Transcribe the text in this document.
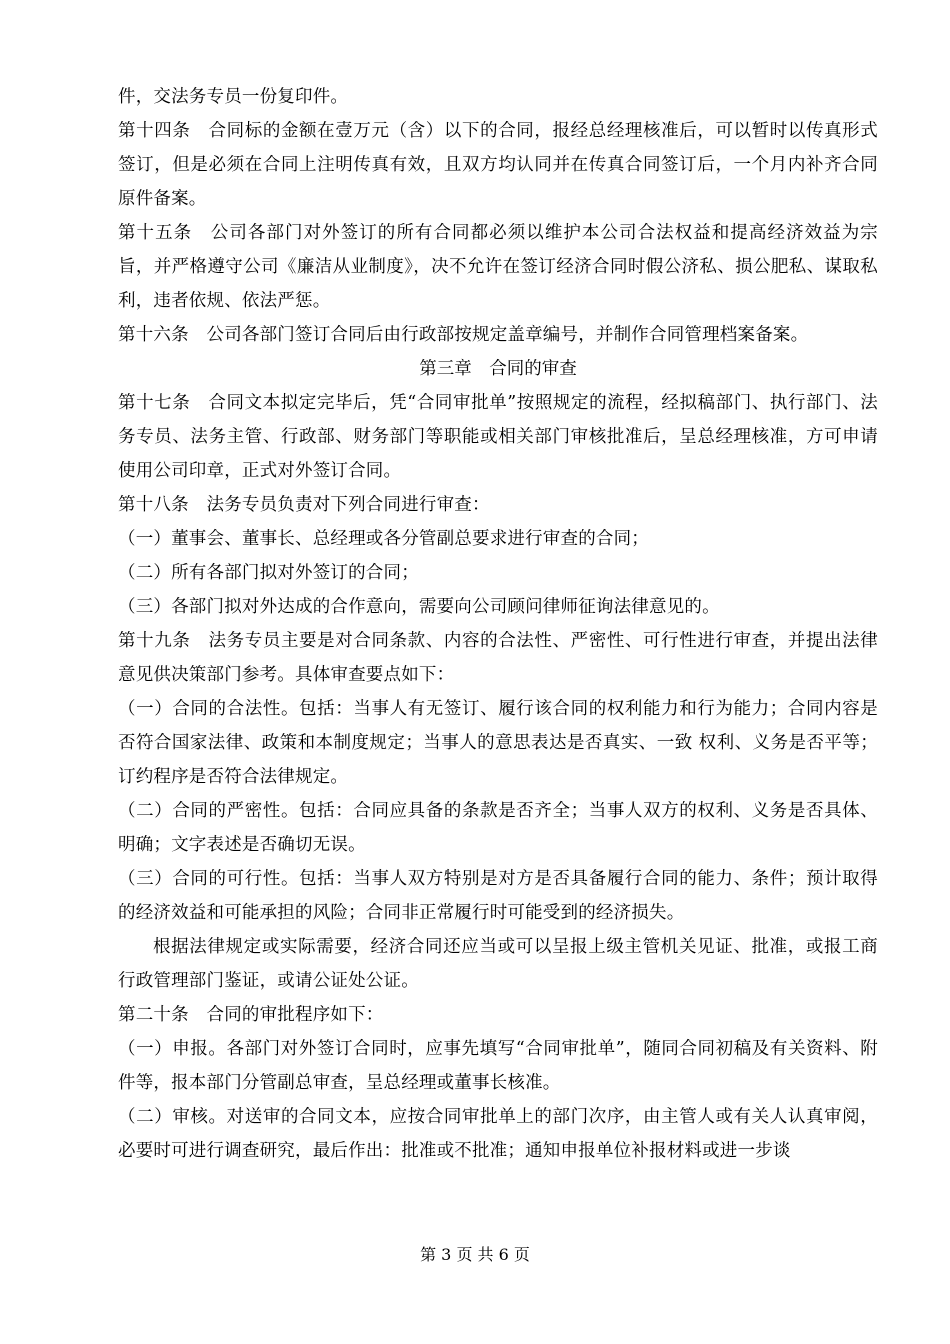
件，交法务专员一份复印件。

第十四条　合同标的金额在壹万元（含）以下的合同，报经总经理核准后，可以暂时以传真形式签订，但是必须在合同上注明传真有效，且双方均认同并在传真合同签订后，一个月内补齐合同原件备案。

第十五条　公司各部门对外签订的所有合同都必须以维护本公司合法权益和提高经济效益为宗旨，并严格遵守公司《廉洁从业制度》，决不允许在签订经济合同时假公济私、损公肥私、谋取私利，违者依规、依法严惩。

第十六条　公司各部门签订合同后由行政部按规定盖章编号，并制作合同管理档案备案。

第三章　合同的审查

第十七条　合同文本拟定完毕后，凭“合同审批单”按照规定的流程，经拟稿部门、执行部门、法务专员、法务主管、行政部、财务部门等职能或相关部门审核批准后，呈总经理核准，方可申请使用公司印章，正式对外签订合同。

第十八条　法务专员负责对下列合同进行审查：

（一）董事会、董事长、总经理或各分管副总要求进行审查的合同；

（二）所有各部门拟对外签订的合同；

（三）各部门拟对外达成的合作意向，需要向公司顾问律师征询法律意见的。

第十九条　法务专员主要是对合同条款、内容的合法性、严密性、可行性进行审查，并提出法律意见供决策部门参考。具体审查要点如下：

（一）合同的合法性。包括：当事人有无签订、履行该合同的权利能力和行为能力；合同内容是否符合国家法律、政策和本制度规定；当事人的意思表达是否真实、一致 权利、义务是否平等；订约程序是否符合法律规定。

（二）合同的严密性。包括：合同应具备的条款是否齐全；当事人双方的权利、义务是否具体、明确；文字表述是否确切无误。

（三）合同的可行性。包括：当事人双方特别是对方是否具备履行合同的能力、条件；预计取得的经济效益和可能承担的风险；合同非正常履行时可能受到的经济损失。

根据法律规定或实际需要，经济合同还应当或可以呈报上级主管机关见证、批准，或报工商行政管理部门鉴证，或请公证处公证。

第二十条　合同的审批程序如下：

（一）申报。各部门对外签订合同时，应事先填写“合同审批单”，随同合同初稿及有关资料、附件等，报本部门分管副总审查，呈总经理或董事长核准。

（二）审核。对送审的合同文本，应按合同审批单上的部门次序，由主管人或有关人认真审阅，必要时可进行调查研究，最后作出：批准或不批准；通知申报单位补报材料或进一步谈

第 3 页 共 6 页
